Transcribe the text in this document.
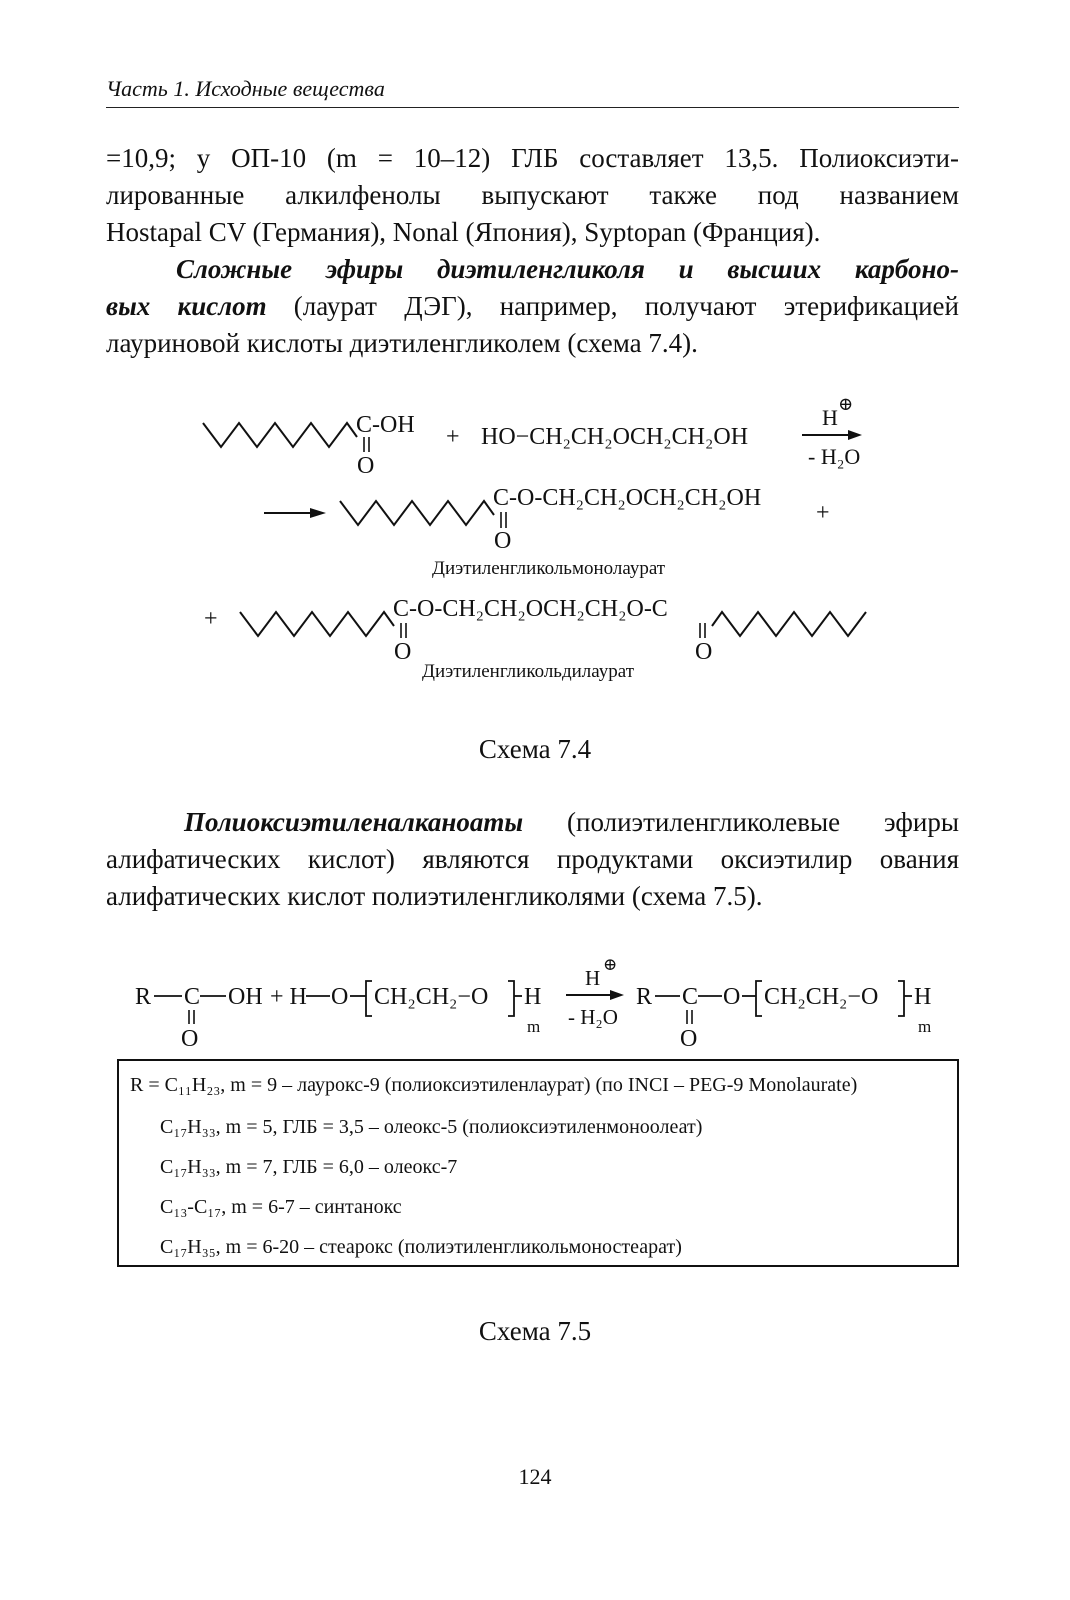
Часть 1. Исходные вещества

=10,9; у ОП-10 (m = 10–12) ГЛБ составляет 13,5. Полиоксиэти-
лированные алкилфенолы выпускают также под названием
Hostapal CV (Германия), Nonal (Япония), Syptopan (Франция).

Сложные эфиры диэтиленгликоля и высших карбоно-
вых кислот (лаурат ДЭГ), например, получают этерификацией
лауриновой кислоты диэтиленгликолем (схема 7.4).

C-OH
O
+ HO−CH₂CH₂OCH₂CH₂OH
H
⊕
- H₂O
C-O-CH₂CH₂OCH₂CH₂OH
O
+
Диэтиленгликольмонолаурат
+	C-O-CH₂CH₂OCH₂CH₂O-C
O	O
Диэтиленгликольдилаурат
Схема 7.4

Полиоксиэтиленалканоаты (полиэтиленгликолевые эфиры
алифатических кислот) являются продуктами оксиэтилир ования
алифатических кислот полиэтиленгликолями (схема 7.5).

R C OH
O
+ H O CH₂CH₂−O H
m
H
⊕
- H₂O
R C
O
O CH₂CH₂−O H
m
R = C₁₁H₂₃, m = 9 – лаурокс-9 (полиоксиэтиленлаурат) (по INCI – PEG-9 Monolaurate)
C₁₇H₃₃, m = 5, ГЛБ = 3,5 – олеокс-5 (полиоксиэтиленмоноолеат)
C₁₇H₃₃, m = 7, ГЛБ = 6,0 – олеокс-7
C₁₃-C₁₇, m = 6-7 – синтанокс
C₁₇H₃₅, m = 6-20 – стеарокс (полиэтиленгликольмоностеарат)
Схема 7.5
124
